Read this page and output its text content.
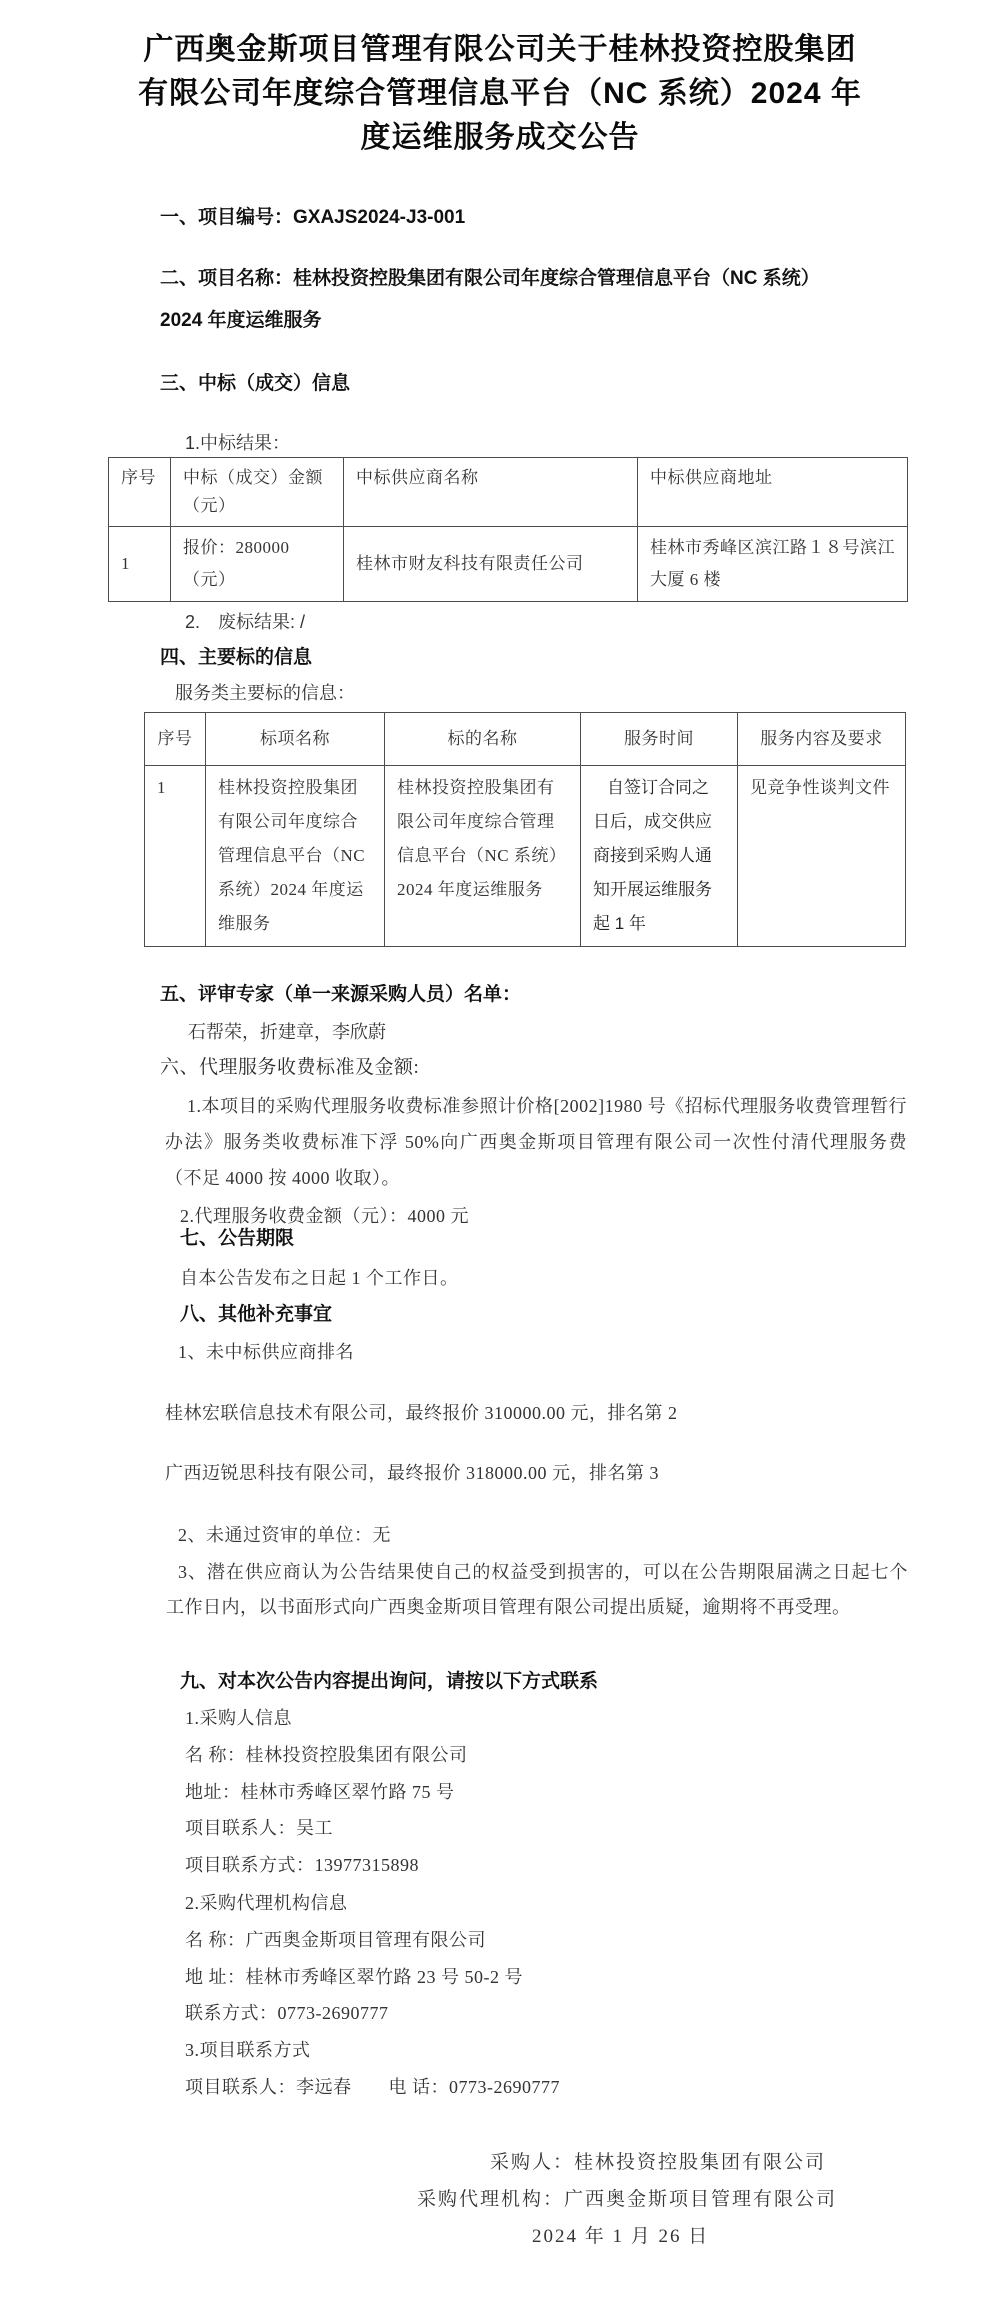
广西奥金斯项目管理有限公司关于桂林投资控股集团
有限公司年度综合管理信息平台（NC 系统）2024 年
度运维服务成交公告

一、项目编号：GXAJS2024-J3-001

二、项目名称：桂林投资控股集团有限公司年度综合管理信息平台（NC 系统）
2024 年度运维服务

三、中标（成交）信息

1.中标结果：

序号	中标（成交）金额（元）	中标供应商名称	中标供应商地址
1	报价：280000（元）	桂林市财友科技有限责任公司	桂林市秀峰区滨江路１８号滨江大厦 6 楼

2.　废标结果: /

四、主要标的信息

服务类主要标的信息：

序号	标项名称	标的名称	服务时间	服务内容及要求
1	桂林投资控股集团有限公司年度综合管理信息平台（NC 系统）2024 年度运维服务	桂林投资控股集团有限公司年度综合管理信息平台（NC 系统）2024 年度运维服务	自签订合同之日后，成交供应商接到采购人通知开展运维服务起 1 年	见竞争性谈判文件

五、评审专家（单一来源采购人员）名单：

石帮荣，折建章，李欣蔚

六、代理服务收费标准及金额:

1.本项目的采购代理服务收费标准参照计价格[2002]1980 号《招标代理服务收费管理暂行办法》服务类收费标准下浮 50%向广西奥金斯项目管理有限公司一次性付清代理服务费（不足 4000 按 4000 收取）。

2.代理服务收费金额（元）：4000 元

七、公告期限

自本公告发布之日起 1 个工作日。

八、其他补充事宜

1、未中标供应商排名

桂林宏联信息技术有限公司，最终报价 310000.00 元，排名第 2

广西迈锐思科技有限公司，最终报价 318000.00 元，排名第 3

2、未通过资审的单位：无

3、潜在供应商认为公告结果使自己的权益受到损害的，可以在公告期限届满之日起七个工作日内，以书面形式向广西奥金斯项目管理有限公司提出质疑，逾期将不再受理。

九、对本次公告内容提出询问，请按以下方式联系

1.采购人信息

名 称：桂林投资控股集团有限公司

地址：桂林市秀峰区翠竹路 75 号

项目联系人：吴工

项目联系方式：13977315898

2.采购代理机构信息

名 称：广西奥金斯项目管理有限公司

地 址：桂林市秀峰区翠竹路 23 号 50-2 号

联系方式：0773-2690777

3.项目联系方式

项目联系人：李远春　　电 话：0773-2690777

采购人：桂林投资控股集团有限公司

采购代理机构：广西奥金斯项目管理有限公司

2024 年 1 月 26 日
